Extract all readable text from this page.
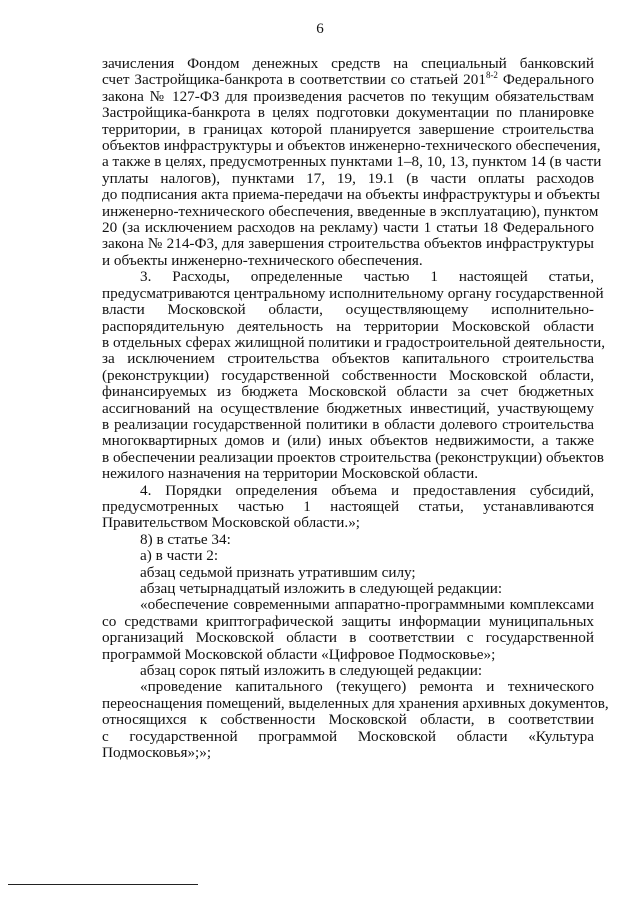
6
зачисления Фондом денежных средств на специальный банковский
счет Застройщика-банкрота в соответствии со статьей 201$^{8-2}$ Федерального
закона № 127-ФЗ для произведения расчетов по текущим обязательствам
Застройщика-банкрота в целях подготовки документации по планировке
территории, в границах которой планируется завершение строительства
объектов инфраструктуры и объектов инженерно-технического обеспечения,
а также в целях, предусмотренных пунктами 1–8, 10, 13, пунктом 14 (в части
уплаты налогов), пунктами 17, 19, 19.1 (в части оплаты расходов
до подписания акта приема-передачи на объекты инфраструктуры и объекты
инженерно-технического обеспечения, введенные в эксплуатацию), пунктом
20 (за исключением расходов на рекламу) части 1 статьи 18 Федерального
закона № 214-ФЗ, для завершения строительства объектов инфраструктуры
и объекты инженерно-технического обеспечения.
3. Расходы, определенные частью 1 настоящей статьи,
предусматриваются центральному исполнительному органу государственной
власти Московской области, осуществляющему исполнительно-
распорядительную деятельность на территории Московской области
в отдельных сферах жилищной политики и градостроительной деятельности,
за исключением строительства объектов капитального строительства
(реконструкции) государственной собственности Московской области,
финансируемых из бюджета Московской области за счет бюджетных
ассигнований на осуществление бюджетных инвестиций, участвующему
в реализации государственной политики в области долевого строительства
многоквартирных домов и (или) иных объектов недвижимости, а также
в обеспечении реализации проектов строительства (реконструкции) объектов
нежилого назначения на территории Московской области.
4. Порядки определения объема и предоставления субсидий,
предусмотренных частью 1 настоящей статьи, устанавливаются
Правительством Московской области.»;
8) в статье 34:
а) в части 2:
абзац седьмой признать утратившим силу;
абзац четырнадцатый изложить в следующей редакции:
«обеспечение современными аппаратно-программными комплексами
со средствами криптографической защиты информации муниципальных
организаций Московской области в соответствии с государственной
программой Московской области «Цифровое Подмосковье»;
абзац сорок пятый изложить в следующей редакции:
«проведение капитального (текущего) ремонта и технического
переоснащения помещений, выделенных для хранения архивных документов,
относящихся к собственности Московской области, в соответствии
с государственной программой Московской области «Культура
Подмосковья»;»;
